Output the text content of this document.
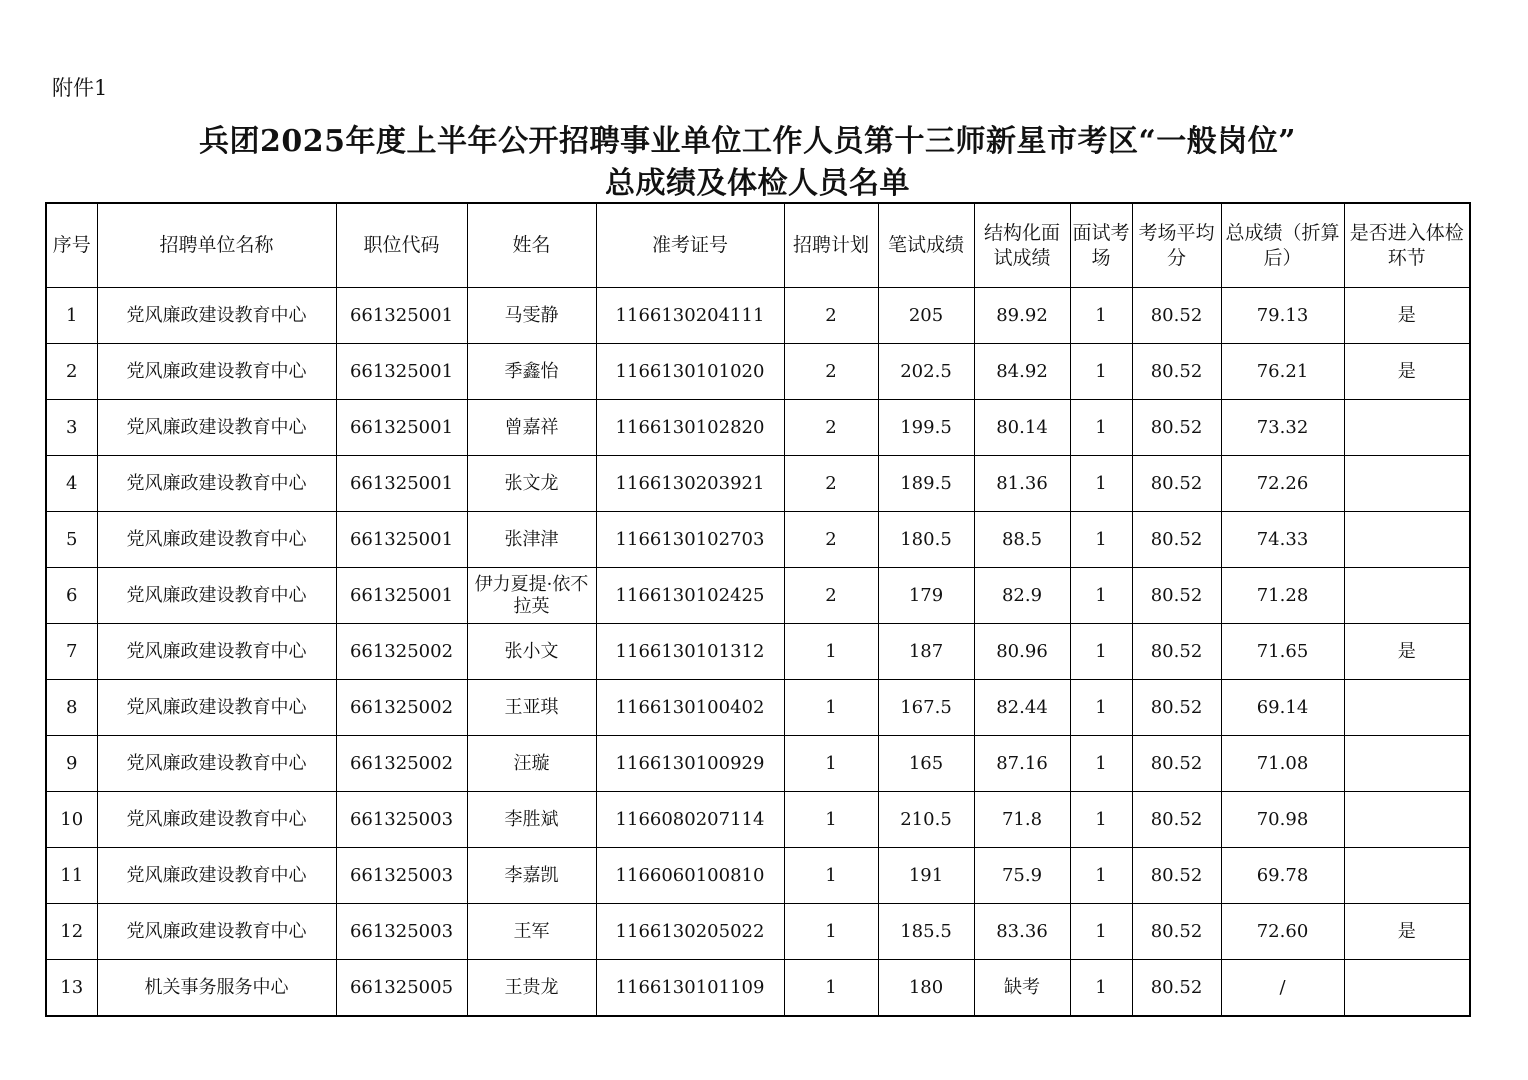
附件1
兵团2025年度上半年公开招聘事业单位工作人员第十三师新星市考区“一般岗位”
总成绩及体检人员名单
序号	招聘单位名称	职位代码	姓名	准考证号	招聘计划	笔试成绩	结构化面试成绩	面试考场	考场平均分	总成绩（折算后）	是否进入体检环节
1	党风廉政建设教育中心	661325001	马雯静	1166130204111	2	205	89.92	1	80.52	79.13	是
2	党风廉政建设教育中心	661325001	季鑫怡	1166130101020	2	202.5	84.92	1	80.52	76.21	是
3	党风廉政建设教育中心	661325001	曾嘉祥	1166130102820	2	199.5	80.14	1	80.52	73.32	
4	党风廉政建设教育中心	661325001	张文龙	1166130203921	2	189.5	81.36	1	80.52	72.26	
5	党风廉政建设教育中心	661325001	张津津	1166130102703	2	180.5	88.5	1	80.52	74.33	
6	党风廉政建设教育中心	661325001	伊力夏提·依不拉英	1166130102425	2	179	82.9	1	80.52	71.28	
7	党风廉政建设教育中心	661325002	张小文	1166130101312	1	187	80.96	1	80.52	71.65	是
8	党风廉政建设教育中心	661325002	王亚琪	1166130100402	1	167.5	82.44	1	80.52	69.14	
9	党风廉政建设教育中心	661325002	汪璇	1166130100929	1	165	87.16	1	80.52	71.08	
10	党风廉政建设教育中心	661325003	李胜斌	1166080207114	1	210.5	71.8	1	80.52	70.98	
11	党风廉政建设教育中心	661325003	李嘉凯	1166060100810	1	191	75.9	1	80.52	69.78	
12	党风廉政建设教育中心	661325003	王军	1166130205022	1	185.5	83.36	1	80.52	72.60	是
13	机关事务服务中心	661325005	王贵龙	1166130101109	1	180	缺考	1	80.52	/	
